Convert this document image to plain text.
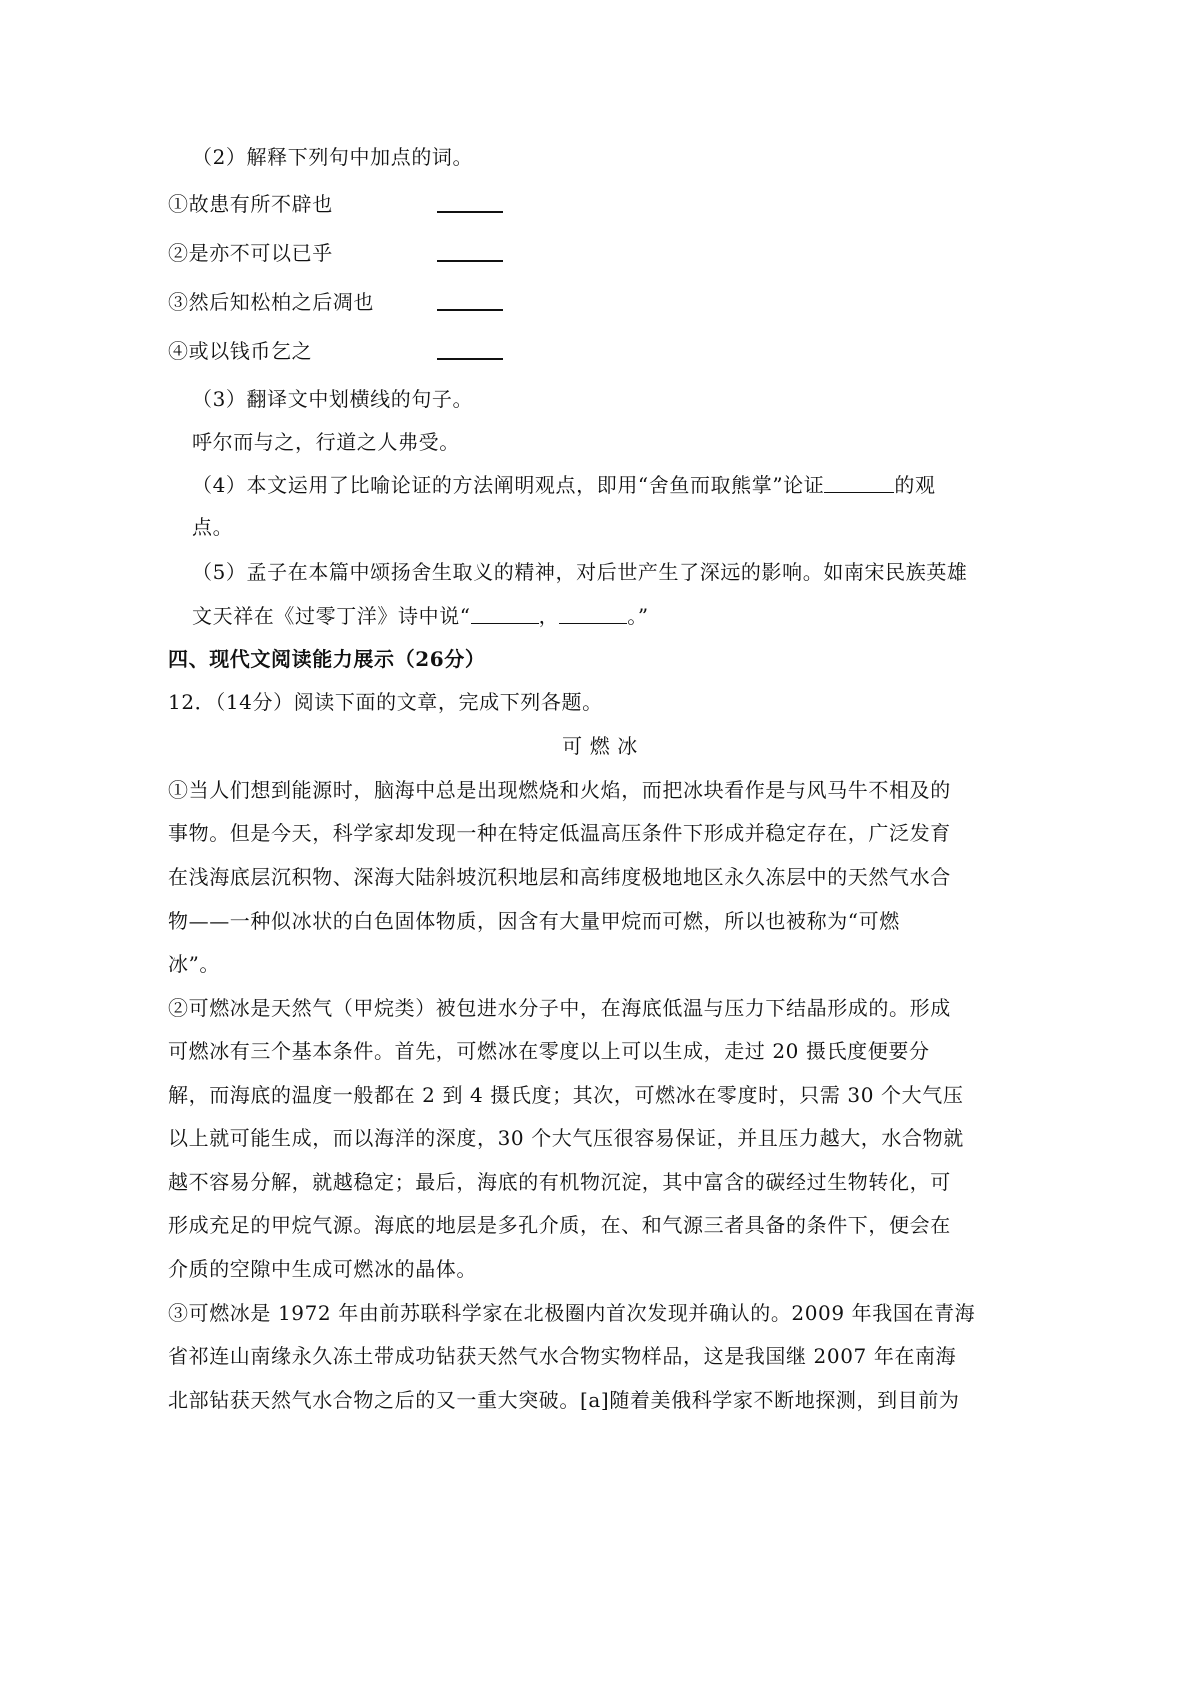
（2）解释下列句中加点的词。
①故患有所不辟也
②是亦不可以已乎
③然后知松柏之后凋也
④或以钱币乞之
（3）翻译文中划横线的句子。
呼尔而与之，行道之人弗受。
（4）本文运用了比喻论证的方法阐明观点，即用“舍鱼而取熊掌”论证	的观
点。
（5）孟子在本篇中颂扬舍生取义的精神，对后世产生了深远的影响。如南宋民族英雄
文天祥在《过零丁洋》诗中说“	，	。”
四、现代文阅读能力展示（26分）
12．（14分）阅读下面的文章，完成下列各题。
可 燃 冰
①当人们想到能源时，脑海中总是出现燃烧和火焰，而把冰块看作是与风马牛不相及的
事物。但是今天，科学家却发现一种在特定低温高压条件下形成并稳定存在，广泛发育
在浅海底层沉积物、深海大陆斜坡沉积地层和高纬度极地地区永久冻层中的天然气水合
物——一种似冰状的白色固体物质，因含有大量甲烷而可燃，所以也被称为“可燃
冰”。
②可燃冰是天然气（甲烷类）被包进水分子中，在海底低温与压力下结晶形成的。形成
可燃冰有三个基本条件。首先，可燃冰在零度以上可以生成，走过 20 摄氏度便要分
解，而海底的温度一般都在 2 到 4 摄氏度；其次，可燃冰在零度时，只需 30 个大气压
以上就可能生成，而以海洋的深度，30 个大气压很容易保证，并且压力越大，水合物就
越不容易分解，就越稳定；最后，海底的有机物沉淀，其中富含的碳经过生物转化，可
形成充足的甲烷气源。海底的地层是多孔介质，在、和气源三者具备的条件下，便会在
介质的空隙中生成可燃冰的晶体。
③可燃冰是 1972 年由前苏联科学家在北极圈内首次发现并确认的。2009 年我国在青海
省祁连山南缘永久冻土带成功钻获天然气水合物实物样品，这是我国继 2007 年在南海
北部钻获天然气水合物之后的又一重大突破。[a]随着美俄科学家不断地探测，到目前为
